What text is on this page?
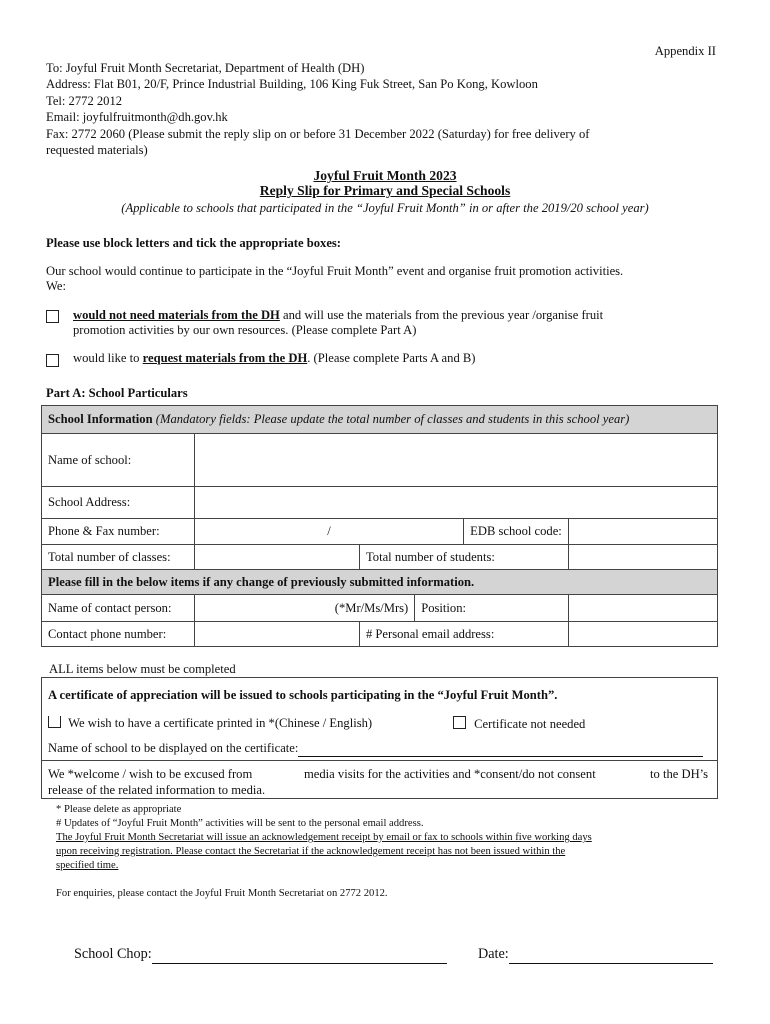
Appendix II
To: Joyful Fruit Month Secretariat, Department of Health (DH)
Address: Flat B01, 20/F, Prince Industrial Building, 106 King Fuk Street, San Po Kong, Kowloon
Tel: 2772 2012
Email: joyfulfruitmonth@dh.gov.hk
Fax: 2772 2060 (Please submit the reply slip on or before 31 December 2022 (Saturday) for free delivery of
requested materials)
Joyful Fruit Month 2023
Reply Slip for Primary and Special Schools
(Applicable to schools that participated in the “Joyful Fruit Month” in or after the 2019/20 school year)
Please use block letters and tick the appropriate boxes:
Our school would continue to participate in the “Joyful Fruit Month” event and organise fruit promotion activities.
We:
would not need materials from the DH and will use the materials from the previous year /organise fruit
promotion activities by our own resources. (Please complete Part A)
would like to request materials from the DH. (Please complete Parts A and B)
Part A: School Particulars
School Information (Mandatory fields: Please update the total number of classes and students in this school year)					
Name of school:					
School Address:					
Phone & Fax number:	/			EDB school code:	
Total number of classes:		Total number of students:			
Please fill in the below items if any change of previously submitted information.					
Name of contact person:	(*Mr/Ms/Mrs)		Position:		
Contact phone number:		# Personal email address:			
ALL items below must be completed
A certificate of appreciation will be issued to schools participating in the “Joyful Fruit Month”.
We wish to have a certificate printed in *(Chinese / English)	Certificate not needed
Name of school to be displayed on the certificate:
We *welcome / wish to be excused from	media visits for the activities and *consent/do not consent	to the DH’s
release of the related information to media.
* Please delete as appropriate
# Updates of “Joyful Fruit Month” activities will be sent to the personal email address.
The Joyful Fruit Month Secretariat will issue an acknowledgement receipt by email or fax to schools within five working days
upon receiving registration. Please contact the Secretariat if the acknowledgement receipt has not been issued within the
specified time.
For enquiries, please contact the Joyful Fruit Month Secretariat on 2772 2012.
School Chop:	Date:
